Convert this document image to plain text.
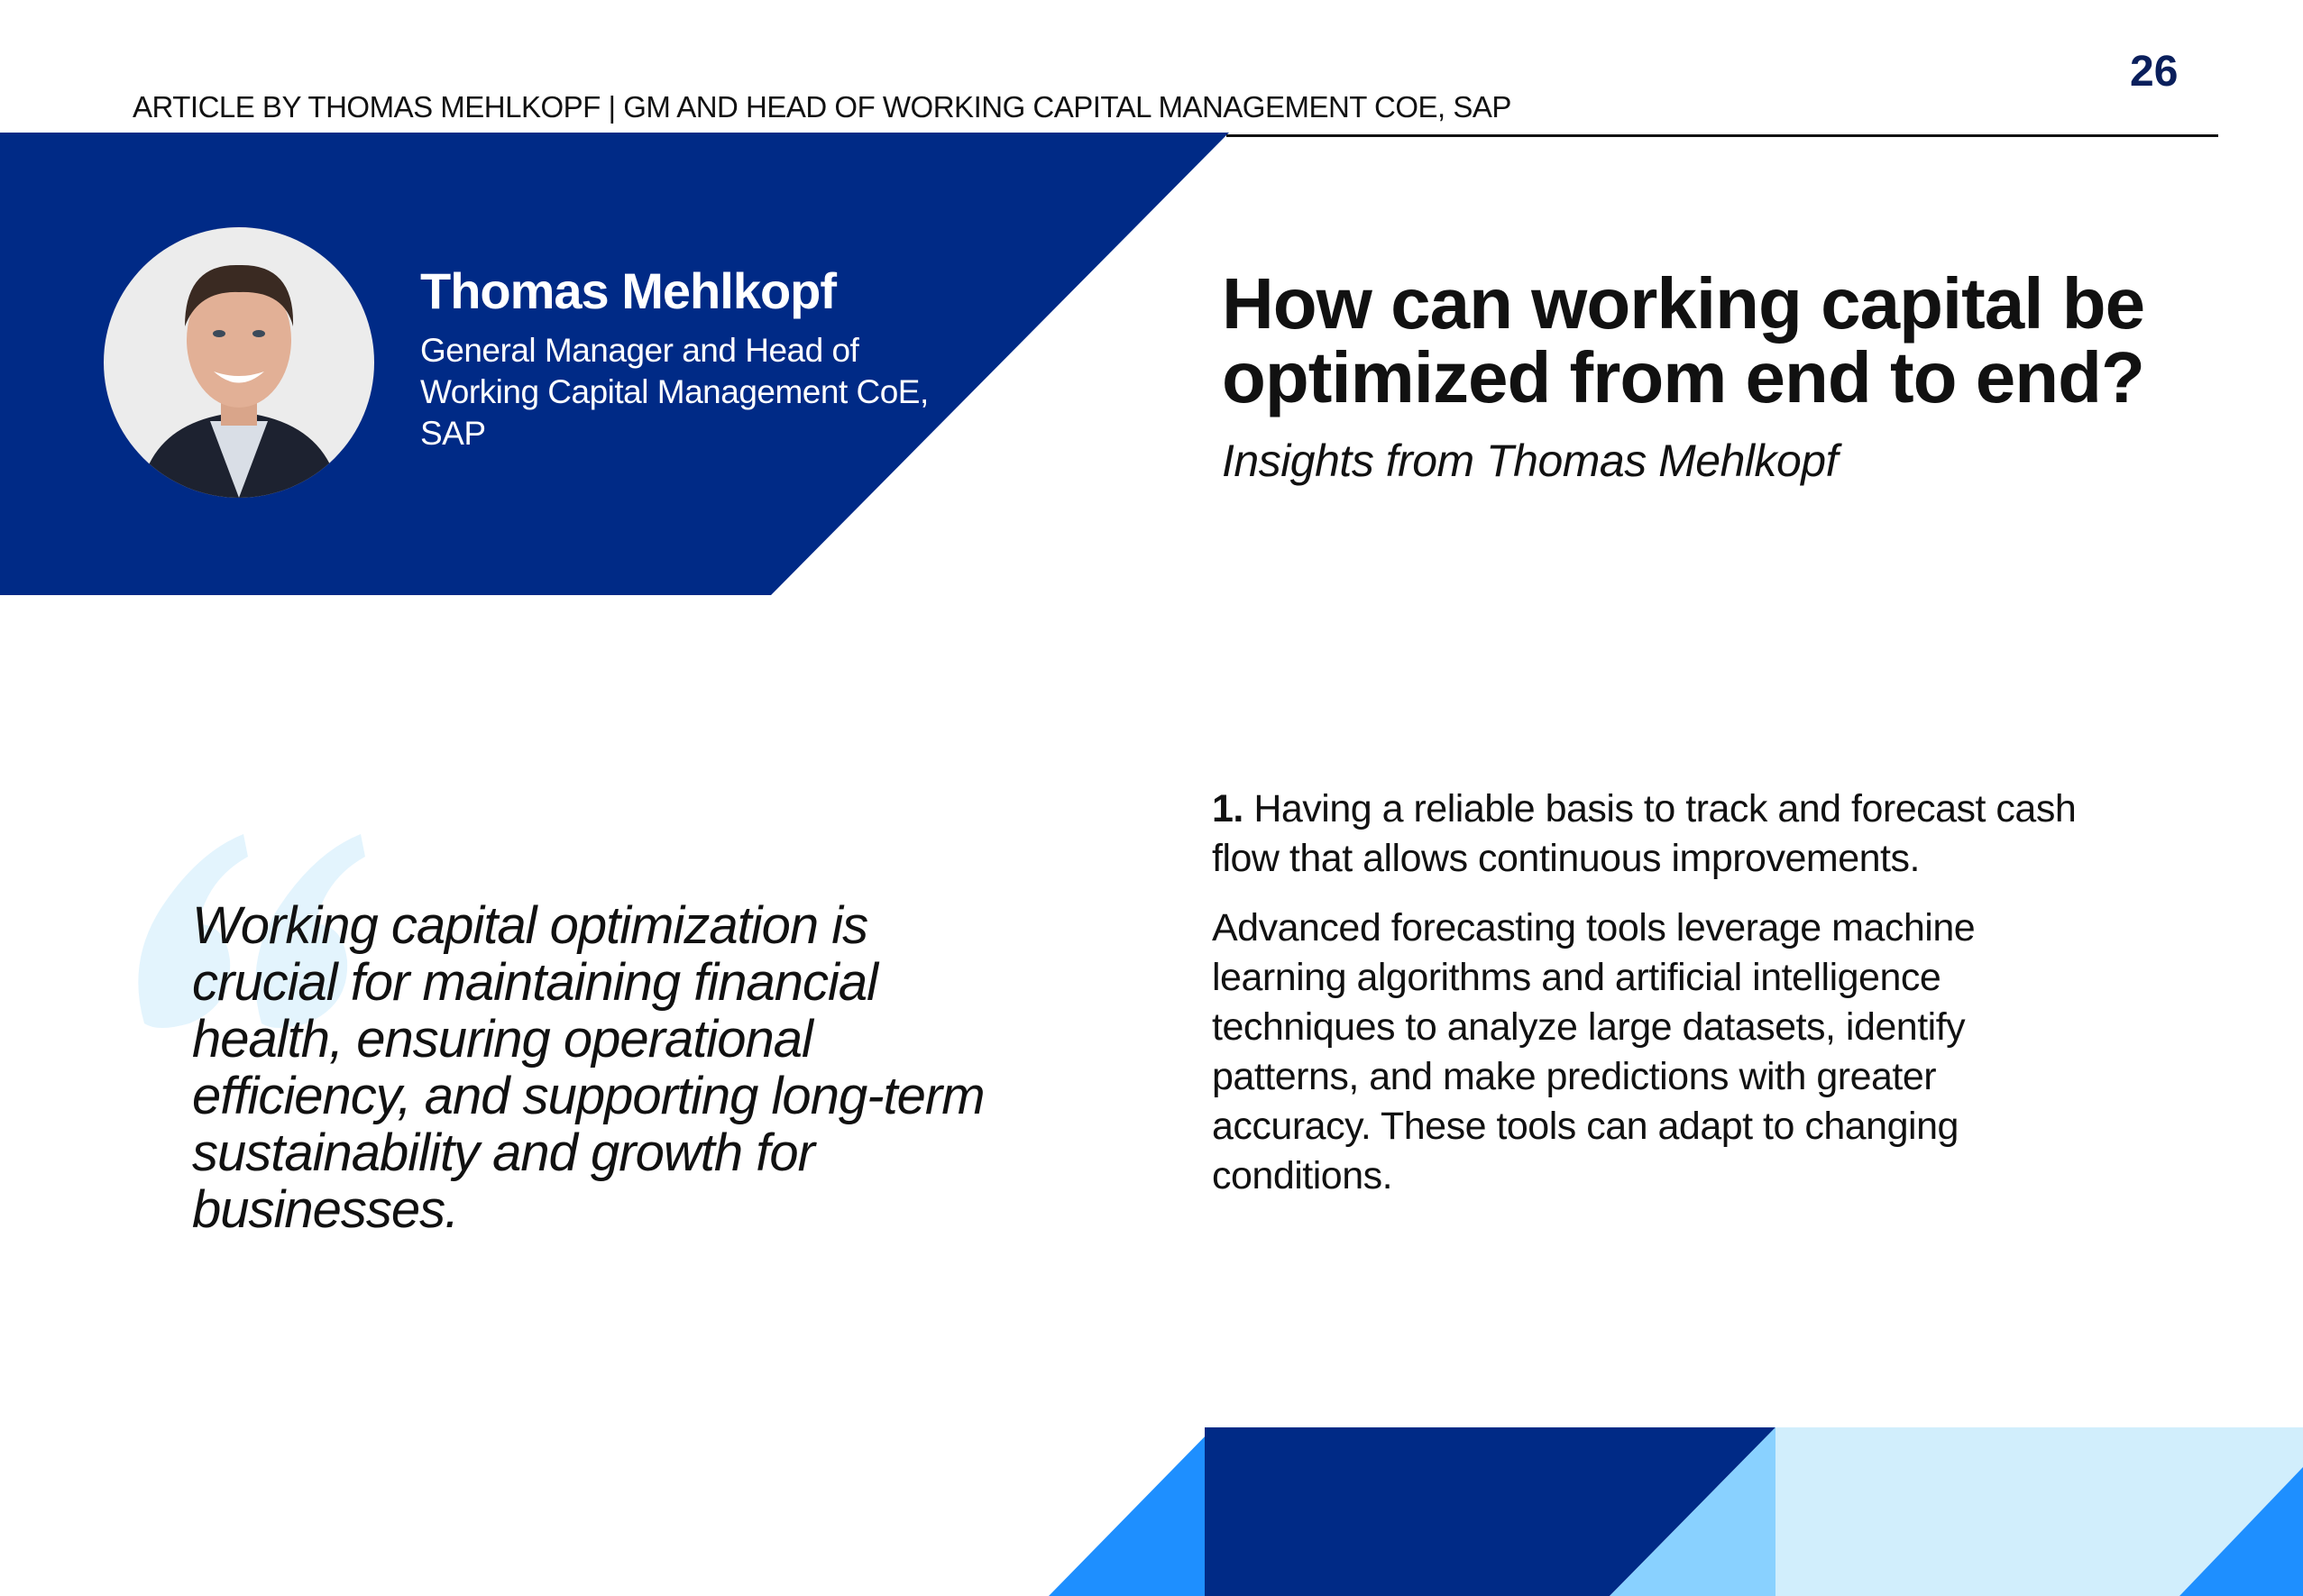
ARTICLE BY THOMAS MEHLKOPF | GM AND HEAD OF WORKING CAPITAL MANAGEMENT COE, SAP
26
Thomas Mehlkopf
General Manager and Head of Working Capital Management CoE, SAP
How can working capital be optimized from end to end?
Insights from Thomas Mehlkopf
Working capital optimization is crucial for maintaining financial health, ensuring operational efficiency, and supporting long-term sustainability and growth for businesses.
1. Having a reliable basis to track and forecast cash flow that allows continuous improvements.
Advanced forecasting tools leverage machine learning algorithms and artificial intelligence techniques to analyze large datasets, identify patterns, and make predictions with greater accuracy. These tools can adapt to changing conditions.
